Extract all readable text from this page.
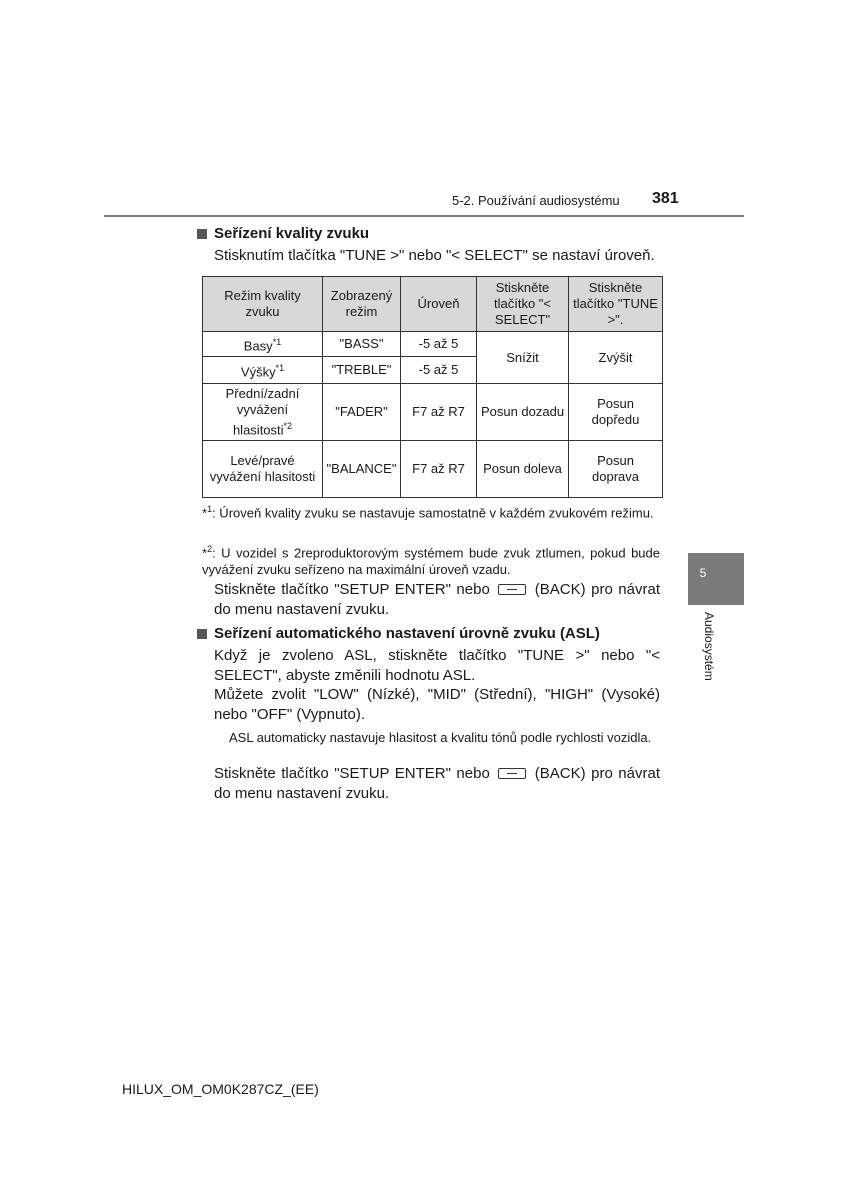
5-2. Používání audiosystému 381
Seřízení kvality zvuku
Stisknutím tlačítka "TUNE >" nebo "< SELECT" se nastaví úroveň.
Režim kvality zvuku	Zobrazený režim	Úroveň	Stiskněte tlačítko "< SELECT"	Stiskněte tlačítko "TUNE >".
Basy$^{*1}$	"BASS"	-5 až 5	Snížit	Zvýšit
Výšky$^{*1}$	"TREBLE"	-5 až 5		
Přední/zadní vyvážení hlasitosti$^{*2}$	"FADER"	F7 až R7	Posun dozadu	Posun dopředu
Levé/pravé vyvážení hlasitosti	"BALANCE"	F7 až R7	Posun doleva	Posun doprava
*$^1$: Úroveň kvality zvuku se nastavuje samostatně v každém zvukovém režimu.
*$^2$: U vozidel s 2reproduktorovým systémem bude zvuk ztlumen, pokud bude vyvážení zvuku seřízeno na maximální úroveň vzadu.
Stiskněte tlačítko "SETUP ENTER" nebo	(BACK) pro návrat do menu nastavení zvuku.
Seřízení automatického nastavení úrovně zvuku (ASL)
Když je zvoleno ASL, stiskněte tlačítko "TUNE >" nebo "< SELECT", abyste změnili hodnotu ASL.
Můžete zvolit "LOW" (Nízké), "MID" (Střední), "HIGH" (Vysoké) nebo "OFF" (Vypnuto).
ASL automaticky nastavuje hlasitost a kvalitu tónů podle rychlosti vozidla.
Stiskněte tlačítko "SETUP ENTER" nebo	(BACK) pro návrat do menu nastavení zvuku.
5
Audiosystém
HILUX_OM_OM0K287CZ_(EE)
